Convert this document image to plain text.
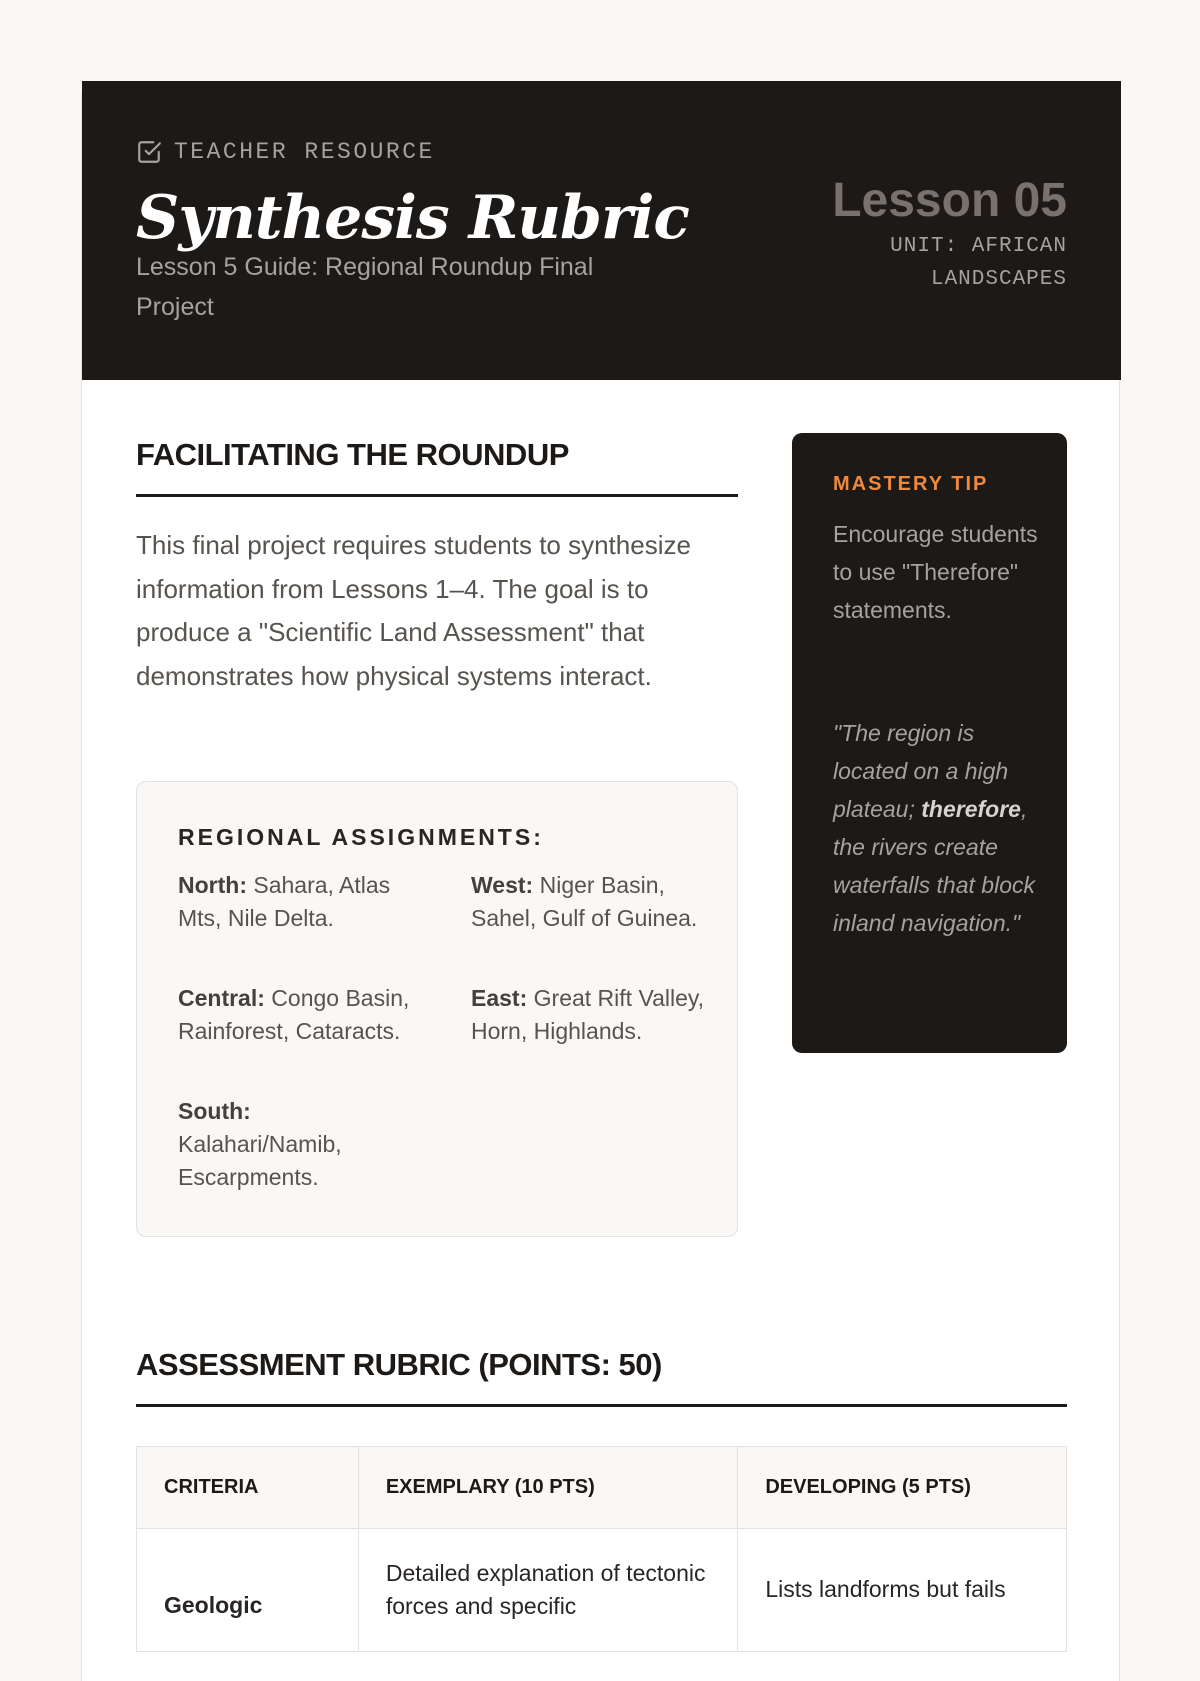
TEACHER RESOURCE
Synthesis Rubric
Lesson 5 Guide: Regional Roundup Final Project
Lesson 05
UNIT: AFRICAN LANDSCAPES
FACILITATING THE ROUNDUP
This final project requires students to synthesize information from Lessons 1–4. The goal is to produce a "Scientific Land Assessment" that demonstrates how physical systems interact.
REGIONAL ASSIGNMENTS:
North: Sahara, Atlas Mts, Nile Delta.
West: Niger Basin, Sahel, Gulf of Guinea.
Central: Congo Basin, Rainforest, Cataracts.
East: Great Rift Valley, Horn, Highlands.
South: Kalahari/Namib, Escarpments.
MASTERY TIP
Encourage students to use "Therefore" statements.
"The region is located on a high plateau; therefore, the rivers create waterfalls that block inland navigation."
ASSESSMENT RUBRIC (POINTS: 50)
CRITERIA	EXEMPLARY (10 PTS)	DEVELOPING (5 PTS)
Geologic	Detailed explanation of tectonic forces and specific	Lists landforms but fails
